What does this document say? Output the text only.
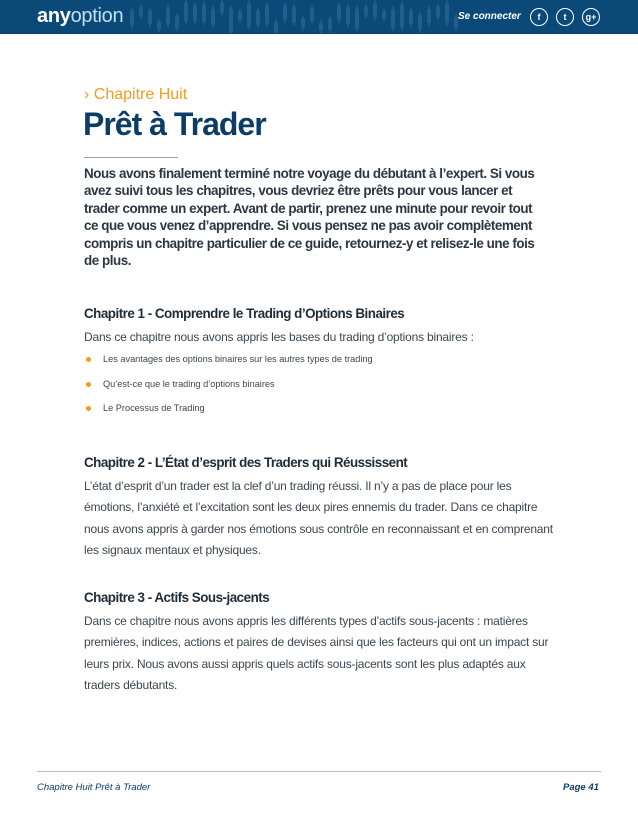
anyoption	Se connecter	f	t	g+
› Chapitre Huit
Prêt à Trader
Nous avons finalement terminé notre voyage du débutant à l’expert. Si vous avez suivi tous les chapitres, vous devriez être prêts pour vous lancer et trader comme un expert. Avant de partir, prenez une minute pour revoir tout ce que vous venez d’apprendre. Si vous pensez ne pas avoir complètement compris un chapitre particulier de ce guide, retournez-y et relisez-le une fois de plus.
Chapitre 1 - Comprendre le Trading d’Options Binaires
Dans ce chapitre nous avons appris les bases du trading d’options binaires :
Les avantages des options binaires sur les autres types de trading
Qu’est-ce que le trading d’options binaires
Le Processus de Trading
Chapitre 2 - L’État d’esprit des Traders qui Réussissent
L’état d’esprit d’un trader est la clef d’un trading réussi. Il n’y a pas de place pour les émotions, l’anxiété et l’excitation sont les deux pires ennemis du trader. Dans ce chapitre nous avons appris à garder nos émotions sous contrôle en reconnaissant et en comprenant les signaux mentaux et physiques.
Chapitre 3 - Actifs Sous-jacents
Dans ce chapitre nous avons appris les différents types d’actifs sous-jacents : matières premières, indices, actions et paires de devises ainsi que les facteurs qui ont un impact sur leurs prix. Nous avons aussi appris quels actifs sous-jacents sont les plus adaptés aux traders débutants.
Chapitre Huit Prêt à Trader	Page 41
